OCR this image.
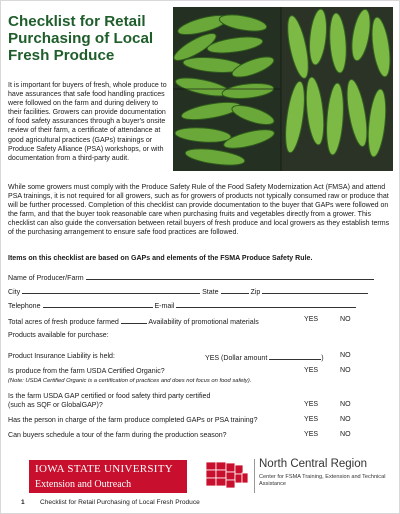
Checklist for Retail Purchasing of Local Fresh Produce

It is important for buyers of fresh, whole produce to have assurances that safe food handling practices were followed on the farm and during delivery to their facilities. Growers can provide documentation of food safety assurances through a buyer's onsite review of their farm, a certificate of attendance at good agricultural practices (GAPs) trainings or Produce Safety Alliance (PSA) workshops, or with documentation from a third-party audit.

While some growers must comply with the Produce Safety Rule of the Food Safety Modernization Act (FMSA) and attend PSA trainings, it is not required for all growers, such as for growers of products not typically consumed raw or produce that will be further processed. Completion of this checklist can provide documentation to the buyer that GAPs were followed on the farm, and that the buyer took reasonable care when purchasing fruits and vegetables directly from a grower. This checklist can also guide the conversation between retail buyers of fresh produce and local growers as they establish terms of the purchasing arrangement to ensure safe food practices are followed.

Items on this checklist are based on GAPs and elements of the FSMA Produce Safety Rule.

Name of Producer/Farm
City	State	Zip
Telephone	E-mail
Total acres of fresh produce farmed	Availability of promotional materials	YES	NO
Products available for purchase:
Product Insurance Liability is held:	YES (Dollar amount	) NO
Is produce from the farm USDA Certified Organic?
(Note: USDA Certified Organic is a certification of practices and does not focus on food safety).
YES	NO
Is the farm USDA GAP certified or food safety third party certified
(such as SQF or GlobalGAP)?	YES	NO
Has the person in charge of the farm produce completed GAPs or PSA training?	YES	NO
Can buyers schedule a tour of the farm during the production season?	YES	NO
IOWA STATE UNIVERSITY
Extension and Outreach
North Central Region
Center for FSMA Training, Extension and Technical Assistance
1 Checklist for Retail Purchasing of Local Fresh Produce
